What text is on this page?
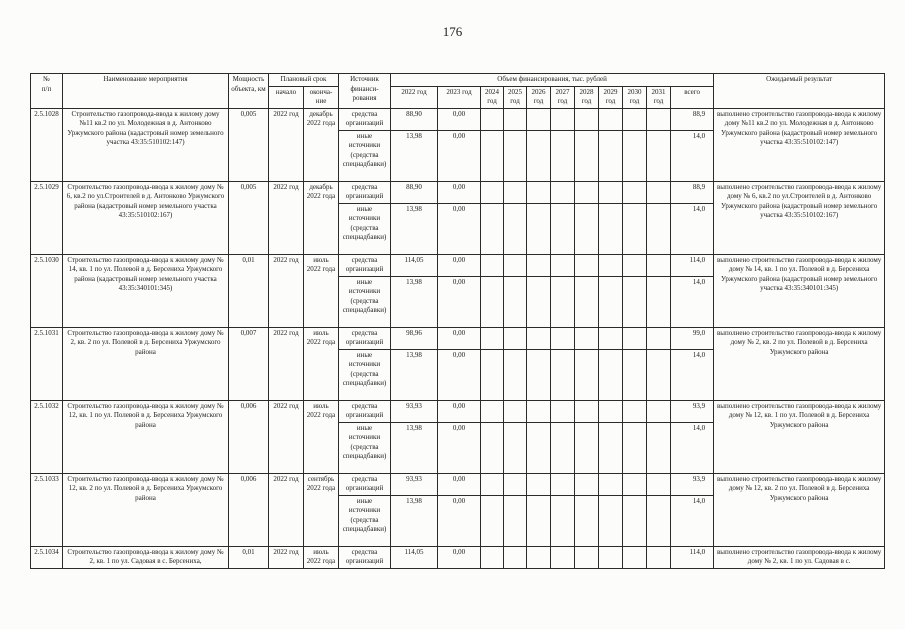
176
№
п/п	Наименование мероприятия	Мощность объекта, км	Плановый срок		Источник финанси-рования	Объем финансирования, тыс. рублей											Ожидаемый результат
			начало	оконча-ние		2022 год	2023 год	2024 год	2025 год	2026 год	2027 год	2028 год	2029 год	2030 год	2031 год	всего	
2.5.1028	Строительство газопровода-ввода к жилому дому №11 кв.2 по ул. Молодежная в д. Антонково Уржумского района (кадастровый номер земельного участка 43:35:510102:147)	0,005	2022 год	декабрь 2022 года	средства организаций	88,90	0,00									88,9	выполнено строительство газопровода-ввода к жилому дому №11 кв.2 по ул. Молодежная в д. Антонково Уржумского района (кадастровый номер земельного участка 43:35:510102:147)
					иные источники (средства спецнадбавки)	13,98	0,00									14,0	
2.5.1029	Строительство газопровода-ввода к жилому дому № 6, кв.2 по ул.Строителей в д. Антонково Уржумского района (кадастровый номер земельного участка 43:35:510102:167)	0,005	2022 год	декабрь 2022 года	средства организаций	88,90	0,00									88,9	выполнено строительство газопровода-ввода к жилому дому № 6, кв.2 по ул.Строителей в д. Антонково Уржумского района (кадастровый номер земельного участка 43:35:510102:167)
					иные источники (средства спецнадбавки)	13,98	0,00									14,0	
2.5.1030	Строительство газопровода-ввода к жилому дому № 14, кв. 1 по ул. Полевой в д. Берсениха Уржумского района (кадастровый номер земельного участка 43:35:340101:345)	0,01	2022 год	июль 2022 года	средства организаций	114,05	0,00									114,0	выполнено строительство газопровода-ввода к жилому дому № 14, кв. 1 по ул. Полевой в д. Берсениха Уржумского района (кадастровый номер земельного участка 43:35:340101:345)
					иные источники (средства спецнадбавки)	13,98	0,00									14,0	
2.5.1031	Строительство газопровода-ввода к жилому дому № 2, кв. 2 по ул. Полевой в д. Берсениха Уржумского района	0,007	2022 год	июль 2022 года	средства организаций	98,96	0,00									99,0	выполнено строительство газопровода-ввода к жилому дому № 2, кв. 2 по ул. Полевой в д. Берсениха Уржумского района
					иные источники (средства спецнадбавки)	13,98	0,00									14,0	
2.5.1032	Строительство газопровода-ввода к жилому дому № 12, кв. 1 по ул. Полевой в д. Берсениха Уржумского района	0,006	2022 год	июль 2022 года	средства организаций	93,93	0,00									93,9	выполнено строительство газопровода-ввода к жилому дому № 12, кв. 1 по ул. Полевой в д. Берсениха Уржумского района
					иные источники (средства спецнадбавки)	13,98	0,00									14,0	
2.5.1033	Строительство газопровода-ввода к жилому дому № 12, кв. 2 по ул. Полевой в д. Берсениха Уржумского района	0,006	2022 год	сентябрь 2022 года	средства организаций	93,93	0,00									93,9	выполнено строительство газопровода-ввода к жилому дому № 12, кв. 2 по ул. Полевой в д. Берсениха Уржумского района
					иные источники (средства спецнадбавки)	13,98	0,00									14,0	
2.5.1034	Строительство газопровода-ввода к жилому дому № 2, кв. 1 по ул. Садовая в с. Берсениха,	0,01	2022 год	июль 2022 года	средства организаций	114,05	0,00									114,0	выполнено строительство газопровода-ввода к жилому дому № 2, кв. 1 по ул. Садовая в с.
